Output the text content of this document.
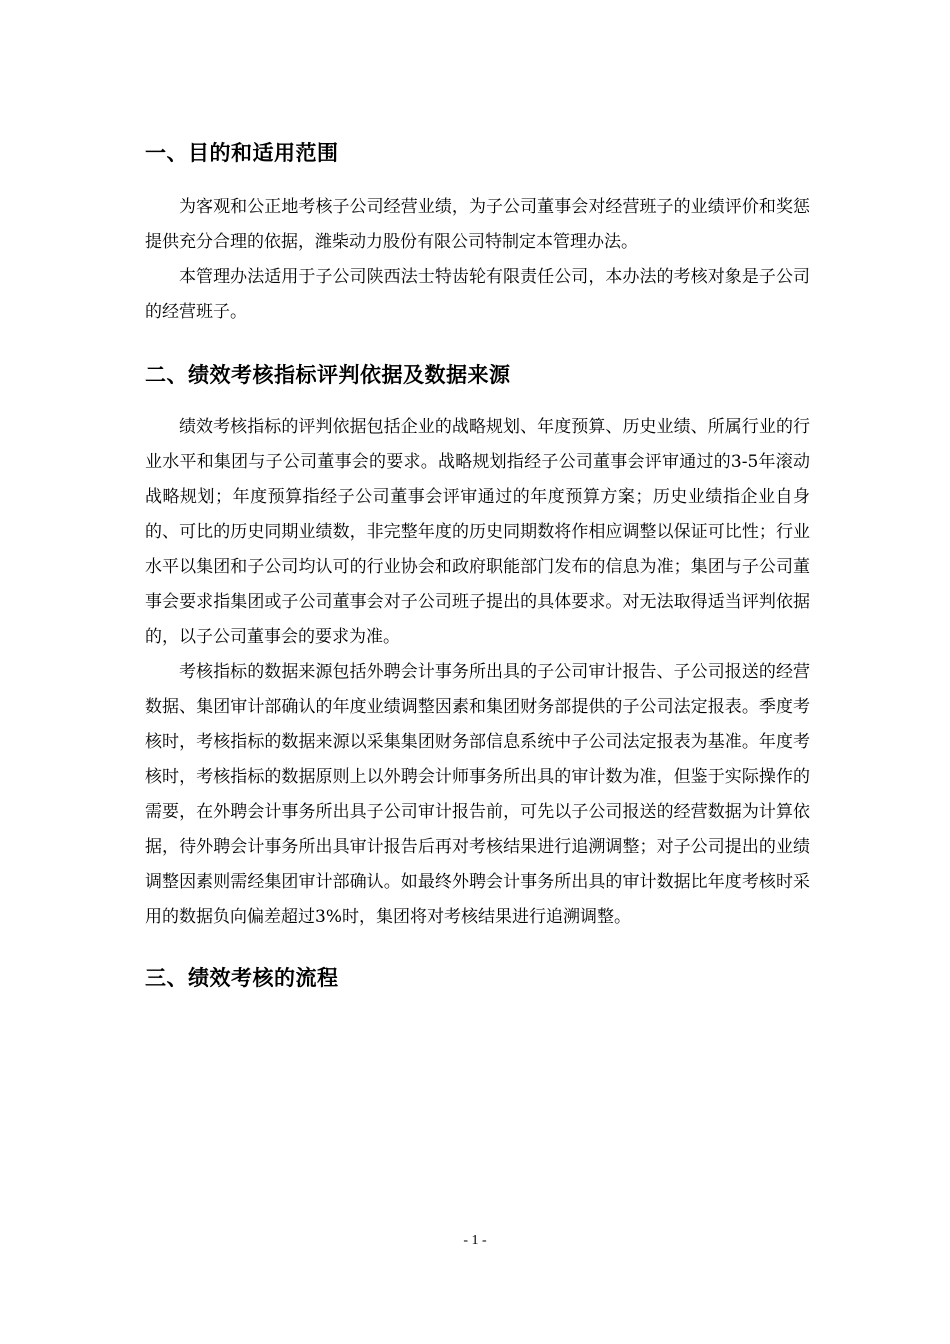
一、目的和适用范围

为客观和公正地考核子公司经营业绩，为子公司董事会对经营班子的业绩评价和奖惩提供充分合理的依据，潍柴动力股份有限公司特制定本管理办法。

本管理办法适用于子公司陕西法士特齿轮有限责任公司，本办法的考核对象是子公司的经营班子。

二、绩效考核指标评判依据及数据来源

绩效考核指标的评判依据包括企业的战略规划、年度预算、历史业绩、所属行业的行业水平和集团与子公司董事会的要求。战略规划指经子公司董事会评审通过的3-5年滚动战略规划；年度预算指经子公司董事会评审通过的年度预算方案；历史业绩指企业自身的、可比的历史同期业绩数，非完整年度的历史同期数将作相应调整以保证可比性；行业水平以集团和子公司均认可的行业协会和政府职能部门发布的信息为准；集团与子公司董事会要求指集团或子公司董事会对子公司班子提出的具体要求。对无法取得适当评判依据的，以子公司董事会的要求为准。

考核指标的数据来源包括外聘会计事务所出具的子公司审计报告、子公司报送的经营数据、集团审计部确认的年度业绩调整因素和集团财务部提供的子公司法定报表。季度考核时，考核指标的数据来源以采集集团财务部信息系统中子公司法定报表为基准。年度考核时，考核指标的数据原则上以外聘会计师事务所出具的审计数为准，但鉴于实际操作的需要，在外聘会计事务所出具子公司审计报告前，可先以子公司报送的经营数据为计算依据，待外聘会计事务所出具审计报告后再对考核结果进行追溯调整；对子公司提出的业绩调整因素则需经集团审计部确认。如最终外聘会计事务所出具的审计数据比年度考核时采用的数据负向偏差超过3%时，集团将对考核结果进行追溯调整。

三、绩效考核的流程
- 1 -
